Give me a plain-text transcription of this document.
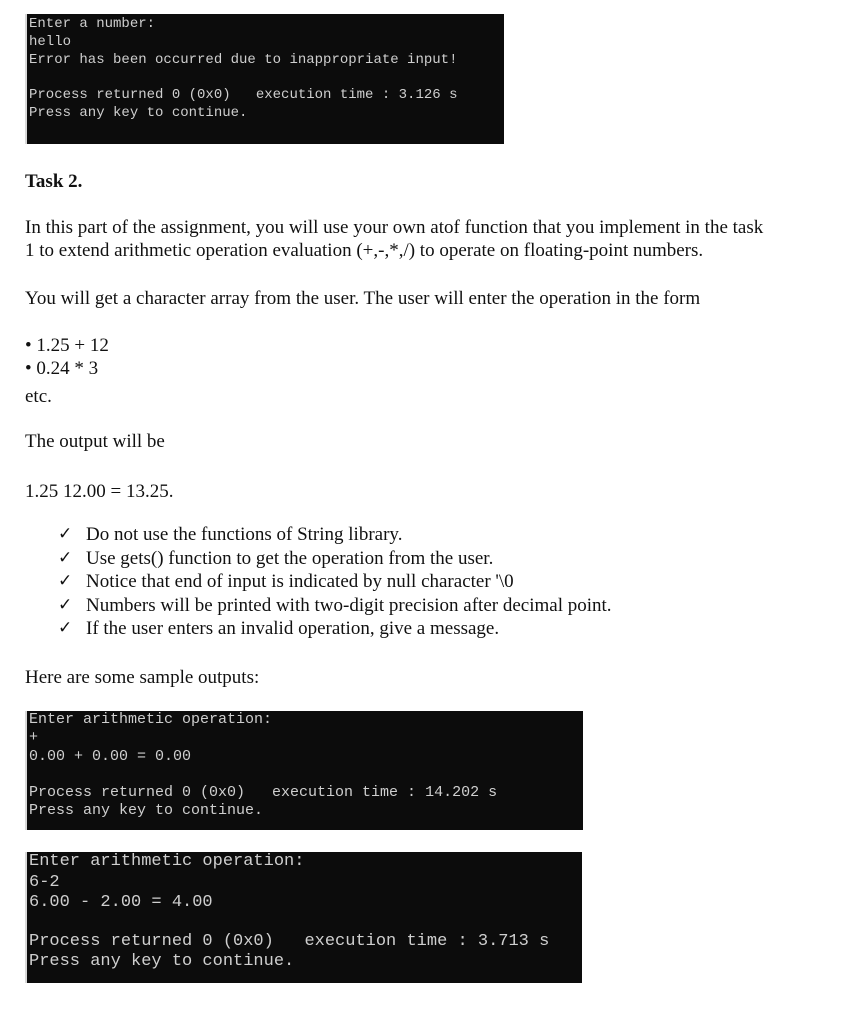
Enter a number:
hello
Error has been occurred due to inappropriate input!
Process returned 0 (0x0)   execution time : 3.126 s
Press any key to continue.
Task 2.

In this part of the assignment, you will use your own atof function that you implement in the task
1 to extend arithmetic operation evaluation (+,-,*,/) to operate on floating-point numbers.

You will get a character array from the user. The user will enter the operation in the form

• 1.25 + 12
• 0.24 * 3

etc.

The output will be

1.25 12.00 = 13.25.

✓ Do not use the functions of String library.
✓ Use gets() function to get the operation from the user.
✓ Notice that end of input is indicated by null character '\0
✓ Numbers will be printed with two-digit precision after decimal point.
✓ If the user enters an invalid operation, give a message.

Here are some sample outputs:

Enter arithmetic operation:
+
0.00 + 0.00 = 0.00
Process returned 0 (0x0)   execution time : 14.202 s
Press any key to continue.
Enter arithmetic operation:
6-2
6.00 - 2.00 = 4.00
Process returned 0 (0x0)   execution time : 3.713 s
Press any key to continue.
